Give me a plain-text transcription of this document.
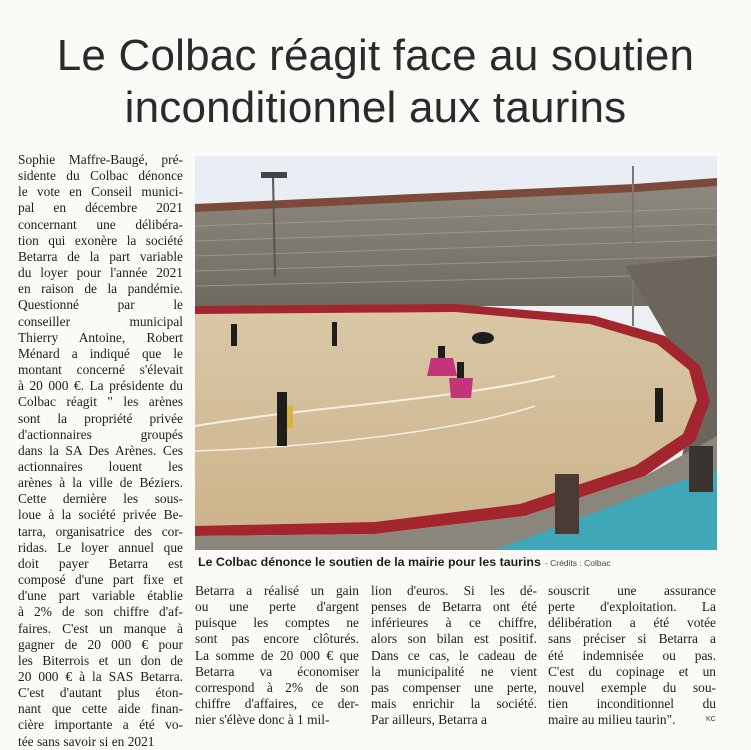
Le Colbac réagit face au soutien
inconditionnel aux taurins
Sophie Maffre-Baugé, pré-
sidente du Colbac dénonce
le vote en Conseil munici-
pal en décembre 2021
concernant une délibéra-
tion qui exonère la société
Betarra de la part variable
du loyer pour l'année 2021
en raison de la pandémie.
Questionné par le
conseiller municipal
Thierry Antoine, Robert
Ménard a indiqué que le
montant concerné s'élevait
à 20 000 €. La présidente du
Colbac réagit " les arènes
sont la propriété privée
d'actionnaires groupés
dans la SA Des Arènes. Ces
actionnaires louent les
arènes à la ville de Béziers.
Cette dernière les sous-
loue à la société privée Be-
tarra, organisatrice des cor-
ridas. Le loyer annuel que
doit payer Betarra est
composé d'une part fixe et
d'une part variable établie
à 2% de son chiffre d'af-
faires. C'est un manque à
gagner de 20 000 € pour
les Biterrois et un don de
20 000 € à la SAS Betarra.
C'est d'autant plus éton-
nant que cette aide finan-
cière importante a été vo-
tée sans savoir si en 2021
Le Colbac dénonce le soutien de la mairie pour les taurins - Crédits : Colbac
Betarra a réalisé un gain
ou une perte d'argent
puisque les comptes ne
sont pas encore clôturés.
La somme de 20 000 € que
Betarra va économiser
correspond à 2% de son
chiffre d'affaires, ce der-
nier s'élève donc à 1 mil-
lion d'euros. Si les dé-
penses de Betarra ont été
inférieures à ce chiffre,
alors son bilan est positif.
Dans ce cas, le cadeau de
la municipalité ne vient
pas compenser une perte,
mais enrichir la société.
Par ailleurs, Betarra a
souscrit une assurance
perte d'exploitation. La
délibération a été votée
sans préciser si Betarra a
été indemnisée ou pas.
C'est du copinage et un
nouvel exemple du sou-
tien inconditionnel du
maire au milieu taurin".	KC
